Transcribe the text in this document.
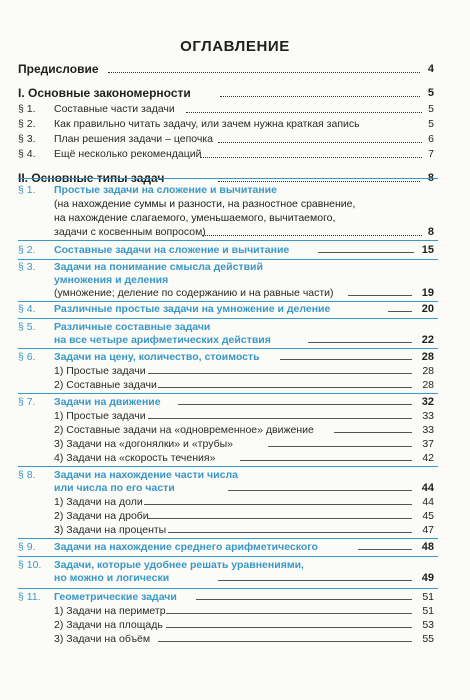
ОГЛАВЛЕНИЕ
Предисловие	4
I. Основные закономерности	5
§ 1. Составные части задачи	5
§ 2. Как правильно читать задачу, или зачем нужна краткая запись	5
§ 3. План решения задачи – цепочка	6
§ 4. Ещё несколько рекомендаций	7
II. Основные типы задач	8
§ 1. Простые задачи на сложение и вычитание
(на нахождение суммы и разности, на разностное сравнение,
на нахождение слагаемого, уменьшаемого, вычитаемого,
задачи с косвенным вопросом)	8
§ 2. Составные задачи на сложение и вычитание	15
§ 3. Задачи на понимание смысла действий
умножения и деления
(умножение; деление по содержанию и на равные части)	19
§ 4. Различные простые задачи на умножение и деление	20
§ 5. Различные составные задачи
на все четыре арифметических действия	22
§ 6. Задачи на цену, количество, стоимость	28
1) Простые задачи	28
2) Составные задачи	28
§ 7. Задачи на движение	32
1) Простые задачи	33
2) Составные задачи на «одновременное» движение	33
3) Задачи на «догонялки» и «трубы»	37
4) Задачи на «скорость течения»	42
§ 8. Задачи на нахождение части числа
или числа по его части	44
1) Задачи на доли	44
2) Задачи на дроби	45
3) Задачи на проценты	47
§ 9. Задачи на нахождение среднего арифметического	48
§ 10. Задачи, которые удобнее решать уравнениями,
но можно и логически	49
§ 11. Геометрические задачи	51
1) Задачи на периметр	51
2) Задачи на площадь	53
3) Задачи на объём	55
